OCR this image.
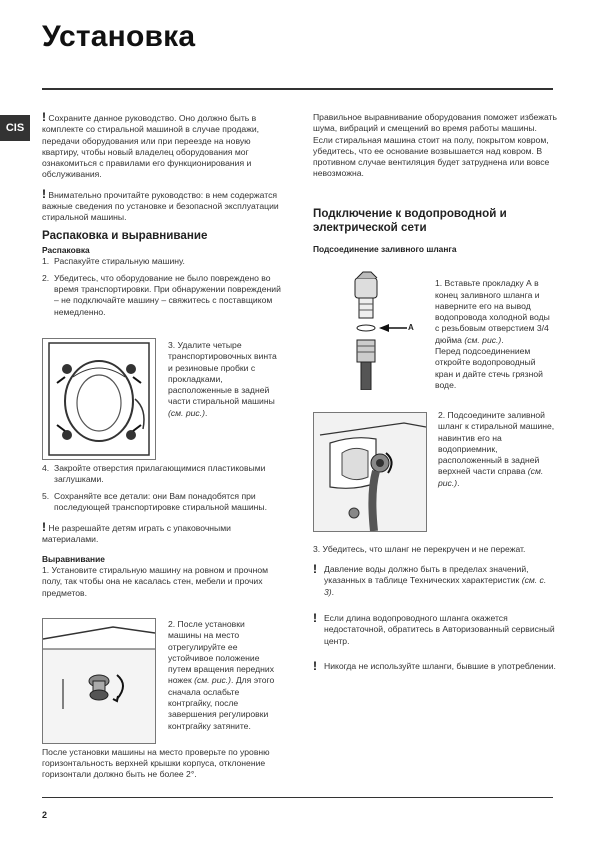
Установка
CIS

! Сохраните данное руководство. Оно должно быть в комплекте со стиральной машиной в случае продажи, передачи оборудования или при переезде на новую квартиру, чтобы новый владелец оборудования мог ознакомиться с правилами его функционирования и обслуживания.

! Внимательно прочитайте руководство: в нем содержатся важные сведения по установке и безопасной эксплуатации стиральной машины.

Распаковка и выравнивание
Распаковка
1. Распакуйте стиральную машину.
2. Убедитесь, что оборудование не было повреждено во время транспортировки. При обнаружении повреждений – не подключайте машину – свяжитесь с поставщиком немедленно.
3. Удалите четыре транспортировочных винта и резиновые пробки с прокладками, расположенные в задней части стиральной машины (см. рис.).
4. Закройте отверстия прилагающимися пластиковыми заглушками.
5. Сохраняйте все детали: они Вам понадобятся при последующей транспортировке стиральной машины.

! Не разрешайте детям играть с упаковочными материалами.

Выравнивание

1. Установите стиральную машину на ровном и прочном полу, так чтобы она не касалась стен, мебели и прочих предметов.

2. После установки машины на место отрегулируйте ее устойчивое положение путем вращения передних ножек (см. рис.). Для этого сначала ослабьте контргайку, после завершения регулировки контргайку затяните.
После установки машины на место проверьте по уровню горизонтальность верхней крышки корпуса, отклонение горизонтали должно быть не более 2°.
Правильное выравнивание оборудования поможет избежать шума, вибраций и смещений во время работы машины.
Если стиральная машина стоит на полу, покрытом ковром, убедитесь, что ее основание возвышается над ковром. В противном случае вентиляция будет затруднена или вовсе невозможна.
Подключение к водопроводной и электрической сети
Подсоединение заливного шланга
A

1. Вставьте прокладку А в конец заливного шланга и наверните его на вывод водопровода холодной воды с резьбовым отверстием 3/4 дюйма (см. рис.).
Перед подсоединением откройте водопроводный кран и дайте стечь грязной воде.

2. Подсоедините заливной шланг к стиральной машине, навинтив его на водоприемник, расположенный в задней верхней части справа (см. рис.).
3. Убедитесь, что шланг не перекручен и не пережат.
! Давление воды должно быть в пределах значений, указанных в таблице Технических характеристик (см. с. 3).
! Если длина водопроводного шланга окажется недостаточной, обратитесь в Авторизованный сервисный центр.
! Никогда не используйте шланги, бывшие в употреблении.
2
